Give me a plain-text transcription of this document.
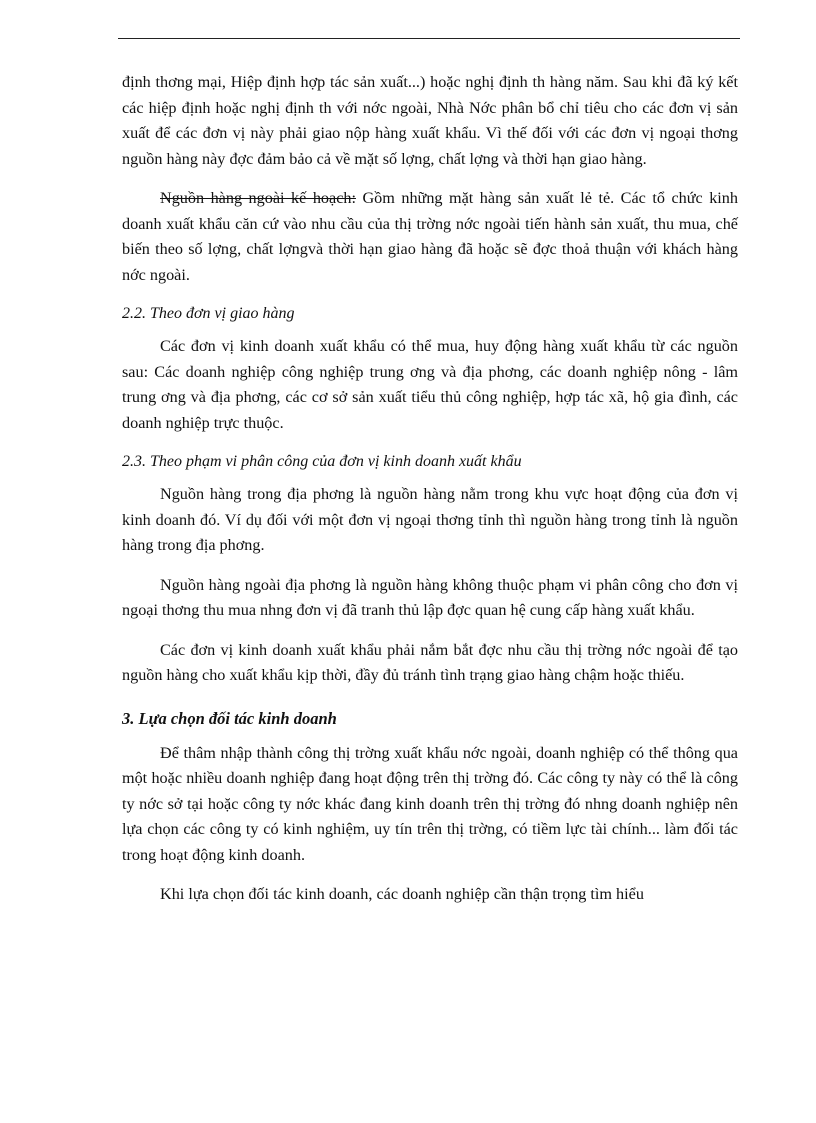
định thơng mại, Hiệp định hợp tác sản xuất...) hoặc nghị định th hàng năm. Sau khi đã ký kết các hiệp định hoặc nghị định th với nớc ngoài, Nhà Nớc phân bổ chỉ tiêu cho các đơn vị sản xuất để các đơn vị này phải giao nộp hàng xuất khẩu. Vì thế đối với các đơn vị ngoại thơng nguồn hàng này đợc đảm bảo cả về mặt số lợng, chất lợng và thời hạn giao hàng.

Nguồn hàng ngoài kế hoạch: Gồm những mặt hàng sản xuất lẻ tẻ. Các tổ chức kinh doanh xuất khẩu căn cứ vào nhu cầu của thị trờng nớc ngoài tiến hành sản xuất, thu mua, chế biến theo số lợng, chất lợngvà thời hạn giao hàng đã hoặc sẽ đợc thoả thuận với khách hàng nớc ngoài.

2.2. Theo đơn vị giao hàng

Các đơn vị kinh doanh xuất khẩu có thể mua, huy động hàng xuất khẩu từ các nguồn sau: Các doanh nghiệp công nghiệp trung ơng và địa phơng, các doanh nghiệp nông - lâm trung ơng và địa phơng, các cơ sở sản xuất tiểu thủ công nghiệp, hợp tác xã, hộ gia đình, các doanh nghiệp trực thuộc.

2.3. Theo phạm vi phân công của đơn vị kinh doanh xuất khẩu

Nguồn hàng trong địa phơng là nguồn hàng nằm trong khu vực hoạt động của đơn vị kinh doanh đó. Ví dụ đối với một đơn vị ngoại thơng tỉnh thì nguồn hàng trong tỉnh là nguồn hàng trong địa phơng.

Nguồn hàng ngoài địa phơng là nguồn hàng không thuộc phạm vi phân công cho đơn vị ngoại thơng thu mua nhng đơn vị đã tranh thủ lập đợc quan hệ cung cấp hàng xuất khẩu.

Các đơn vị kinh doanh xuất khẩu phải nắm bắt đợc nhu cầu thị trờng nớc ngoài để tạo nguồn hàng cho xuất khẩu kịp thời, đầy đủ tránh tình trạng giao hàng chậm hoặc thiếu.

3. Lựa chọn đối tác kinh doanh

Để thâm nhập thành công thị trờng xuất khẩu nớc ngoài, doanh nghiệp có thể thông qua một hoặc nhiều doanh nghiệp đang hoạt động trên thị trờng đó. Các công ty này có thể là công ty nớc sở tại hoặc công ty nớc khác đang kinh doanh trên thị trờng đó nhng doanh nghiệp nên lựa chọn các công ty có kinh nghiệm, uy tín trên thị trờng, có tiềm lực tài chính... làm đối tác trong hoạt động kinh doanh.

Khi lựa chọn đối tác kinh doanh, các doanh nghiệp cần thận trọng tìm hiểu
